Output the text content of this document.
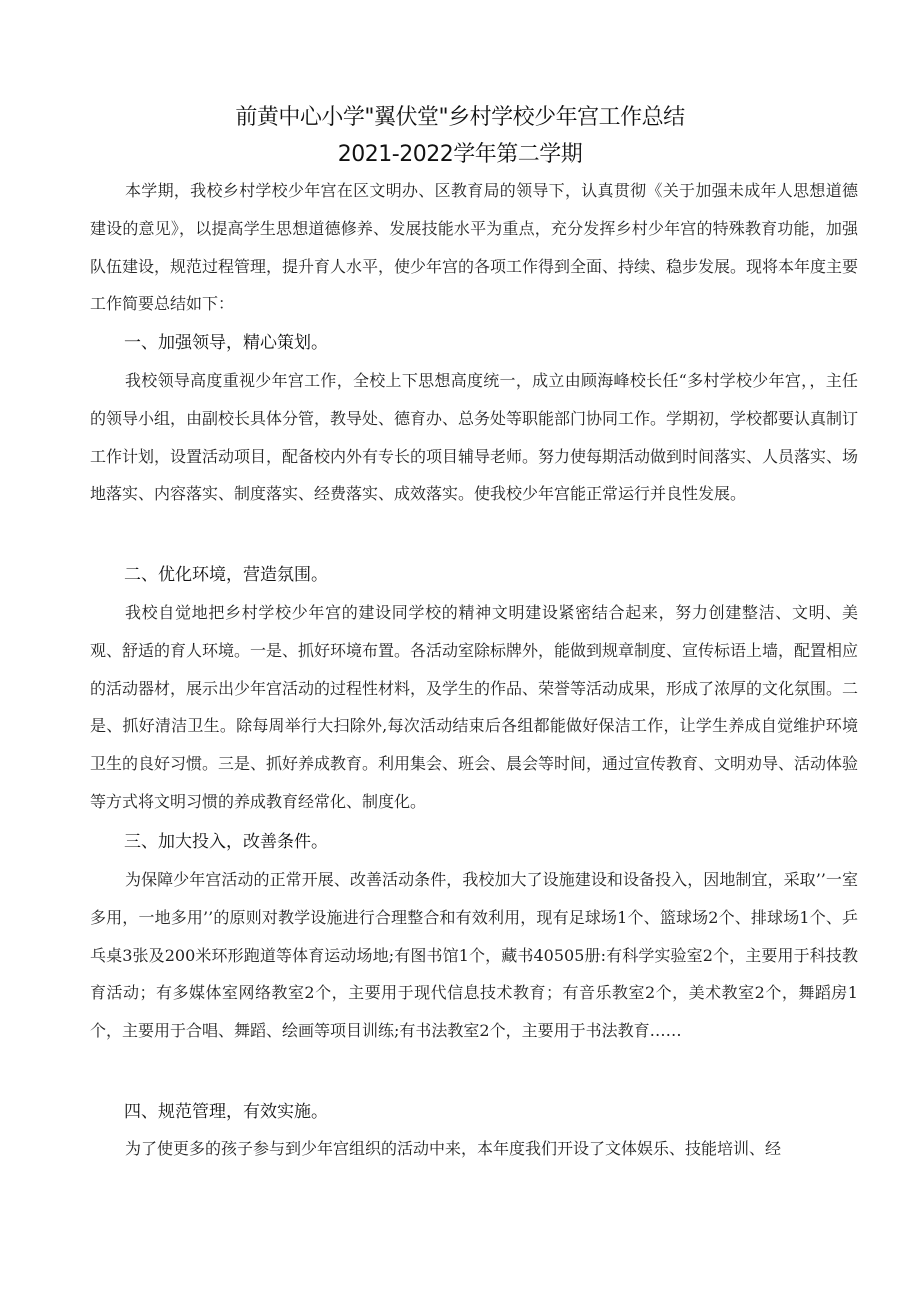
前黄中心小学"翼伏堂"乡村学校少年宫工作总结
2021-2022学年第二学期

本学期，我校乡村学校少年宫在区文明办、区教育局的领导下，认真贯彻《关于加强未成年人思想道德建设的意见》，以提高学生思想道德修养、发展技能水平为重点，充分发挥乡村少年宫的特殊教育功能，加强队伍建设，规范过程管理，提升育人水平，使少年宫的各项工作得到全面、持续、稳步发展。现将本年度主要工作简要总结如下：

一、加强领导，精心策划。

我校领导高度重视少年宫工作，全校上下思想高度统一，成立由顾海峰校长任“多村学校少年宫，，主任的领导小组，由副校长具体分管，教导处、德育办、总务处等职能部门协同工作。学期初，学校都要认真制订工作计划，设置活动项目，配备校内外有专长的项目辅导老师。努力使每期活动做到时间落实、人员落实、场地落实、内容落实、制度落实、经费落实、成效落实。使我校少年宫能正常运行并良性发展。

二、优化环境，营造氛围。

我校自觉地把乡村学校少年宫的建设同学校的精神文明建设紧密结合起来，努力创建整洁、文明、美观、舒适的育人环境。一是、抓好环境布置。各活动室除标牌外，能做到规章制度、宣传标语上墙，配置相应的活动器材，展示出少年宫活动的过程性材料，及学生的作品、荣誉等活动成果，形成了浓厚的文化氛围。二是、抓好清洁卫生。除每周举行大扫除外,每次活动结束后各组都能做好保洁工作，让学生养成自觉维护环境卫生的良好习惯。三是、抓好养成教育。利用集会、班会、晨会等时间，通过宣传教育、文明劝导、活动体验等方式将文明习惯的养成教育经常化、制度化。

三、加大投入，改善条件。

为保障少年宫活动的正常开展、改善活动条件，我校加大了设施建设和设备投入，因地制宜，采取’’一室多用，一地多用’’的原则对教学设施进行合理整合和有效利用，现有足球场1个、篮球场2个、排球场1个、乒乓桌3张及200米环形跑道等体育运动场地;有图书馆1个，藏书40505册:有科学实验室2个，主要用于科技教育活动；有多媒体室网络教室2个，主要用于现代信息技术教育；有音乐教室2个，美术教室2个，舞蹈房1个，主要用于合唱、舞蹈、绘画等项目训练;有书法教室2个，主要用于书法教育……

四、规范管理，有效实施。

为了使更多的孩子参与到少年宫组织的活动中来，本年度我们开设了文体娱乐、技能培训、经
